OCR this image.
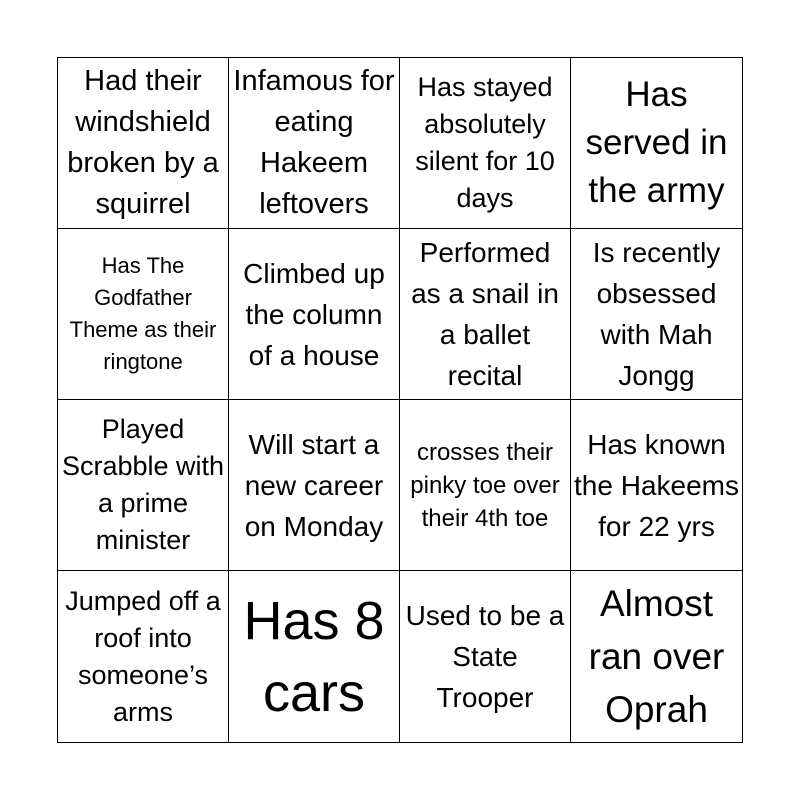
Had their windshield broken by a squirrel
Infamous for eating Hakeem leftovers
Has stayed absolutely silent for 10 days
Has served in the army
Has The Godfather Theme as their ringtone
Climbed up the column of a house
Performed as a snail in a ballet recital
Is recently obsessed with Mah Jongg
Played Scrabble with a prime minister
Will start a new career on Monday
crosses their pinky toe over their 4th toe
Has known the Hakeems for 22 yrs
Jumped off a roof into someone’s arms
Has 8 cars
Used to be a State Trooper
Almost ran over Oprah
